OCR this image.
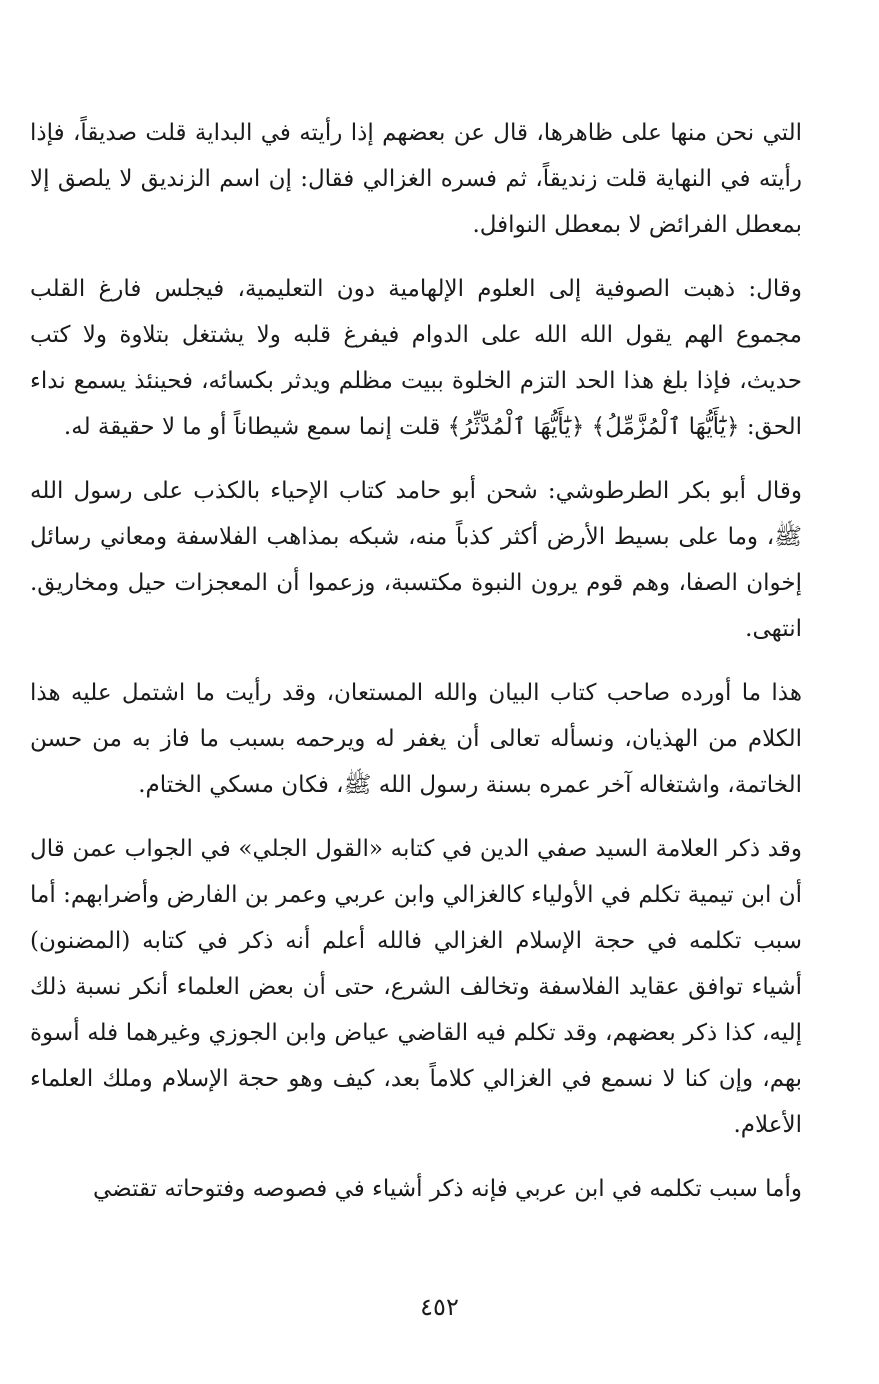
التي نحن منها على ظاهرها، قال عن بعضهم إذا رأيته في البداية قلت صديقاً، فإذا رأيته في النهاية قلت زنديقاً، ثم فسره الغزالي فقال: إن اسم الزنديق لا يلصق إلا بمعطل الفرائض لا بمعطل النوافل.

وقال: ذهبت الصوفية إلى العلوم الإلهامية دون التعليمية، فيجلس فارغ القلب مجموع الهم يقول الله الله على الدوام فيفرغ قلبه ولا يشتغل بتلاوة ولا كتب حديث، فإذا بلغ هذا الحد التزم الخلوة ببيت مظلم ويدثر بكسائه، فحينئذ يسمع نداء الحق: ﴿يَٰٓأَيُّهَا ٱلْمُزَّمِّلُ﴾ ﴿يَٰٓأَيُّهَا ٱلْمُدَّثِّرُ﴾ قلت إنما سمع شيطاناً أو ما لا حقيقة له.

وقال أبو بكر الطرطوشي: شحن أبو حامد كتاب الإحياء بالكذب على رسول الله ﷺ، وما على بسيط الأرض أكثر كذباً منه، شبكه بمذاهب الفلاسفة ومعاني رسائل إخوان الصفا، وهم قوم يرون النبوة مكتسبة، وزعموا أن المعجزات حيل ومخاريق. انتهى.

هذا ما أورده صاحب كتاب البيان والله المستعان، وقد رأيت ما اشتمل عليه هذا الكلام من الهذيان، ونسأله تعالى أن يغفر له ويرحمه بسبب ما فاز به من حسن الخاتمة، واشتغاله آخر عمره بسنة رسول الله ﷺ، فكان مسكي الختام.

وقد ذكر العلامة السيد صفي الدين في كتابه «القول الجلي» في الجواب عمن قال أن ابن تيمية تكلم في الأولياء كالغزالي وابن عربي وعمر بن الفارض وأضرابهم: أما سبب تكلمه في حجة الإسلام الغزالي فالله أعلم أنه ذكر في كتابه (المضنون) أشياء توافق عقايد الفلاسفة وتخالف الشرع، حتى أن بعض العلماء أنكر نسبة ذلك إليه، كذا ذكر بعضهم، وقد تكلم فيه القاضي عياض وابن الجوزي وغيرهما فله أسوة بهم، وإن كنا لا نسمع في الغزالي كلاماً بعد، كيف وهو حجة الإسلام وملك العلماء الأعلام.

وأما سبب تكلمه في ابن عربي فإنه ذكر أشياء في فصوصه وفتوحاته تقتضي

٤٥٢
